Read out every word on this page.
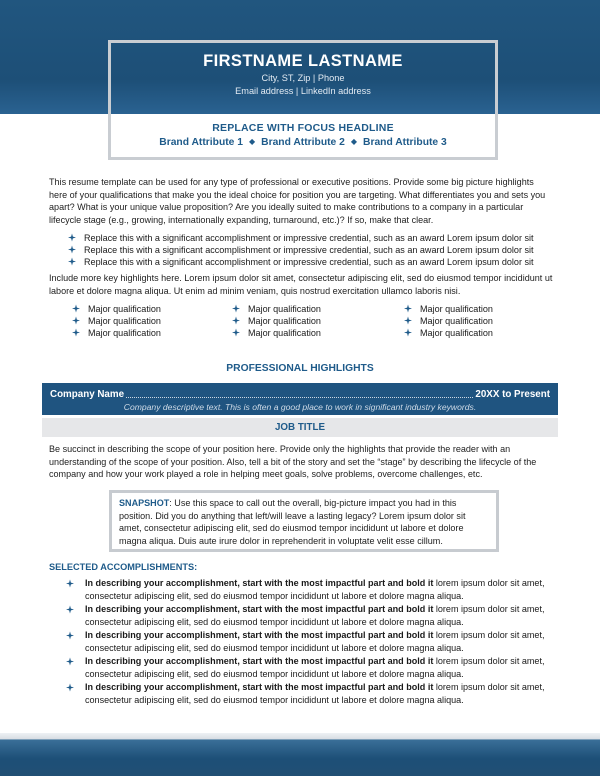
FIRSTNAME LASTNAME
City, ST, Zip | Phone
Email address | LinkedIn address
REPLACE WITH FOCUS HEADLINE
Brand Attribute 1 ◆ Brand Attribute 2 ◆ Brand Attribute 3
This resume template can be used for any type of professional or executive positions. Provide some big picture highlights here of your qualifications that make you the ideal choice for position you are targeting. What differentiates you and sets you apart? What is your unique value proposition? Are you ideally suited to make contributions to a company in a particular lifecycle stage (e.g., growing, internationally expanding, turnaround, etc.)? If so, make that clear.
Replace this with a significant accomplishment or impressive credential, such as an award Lorem ipsum dolor sit
Replace this with a significant accomplishment or impressive credential, such as an award Lorem ipsum dolor sit
Replace this with a significant accomplishment or impressive credential, such as an award Lorem ipsum dolor sit
Include more key highlights here. Lorem ipsum dolor sit amet, consectetur adipiscing elit, sed do eiusmod tempor incididunt ut labore et dolore magna aliqua. Ut enim ad minim veniam, quis nostrud exercitation ullamco laboris nisi.
Major qualification
Major qualification
Major qualification
Major qualification
Major qualification
Major qualification
Major qualification
Major qualification
Major qualification
PROFESSIONAL HIGHLIGHTS
Company Name	20XX to Present
Company descriptive text. This is often a good place to work in significant industry keywords.
JOB TITLE
Be succinct in describing the scope of your position here. Provide only the highlights that provide the reader with an understanding of the scope of your position. Also, tell a bit of the story and set the “stage” by describing the lifecycle of the company and how your work played a role in helping meet goals, solve problems, overcome challenges, etc.
SNAPSHOT: Use this space to call out the overall, big-picture impact you had in this position. Did you do anything that left/will leave a lasting legacy? Lorem ipsum dolor sit amet, consectetur adipiscing elit, sed do eiusmod tempor incididunt ut labore et dolore magna aliqua. Duis aute irure dolor in reprehenderit in voluptate velit esse cillum.
SELECTED ACCOMPLISHMENTS:
In describing your accomplishment, start with the most impactful part and bold it lorem ipsum dolor sit amet, consectetur adipiscing elit, sed do eiusmod tempor incididunt ut labore et dolore magna aliqua.
In describing your accomplishment, start with the most impactful part and bold it lorem ipsum dolor sit amet, consectetur adipiscing elit, sed do eiusmod tempor incididunt ut labore et dolore magna aliqua.
In describing your accomplishment, start with the most impactful part and bold it lorem ipsum dolor sit amet, consectetur adipiscing elit, sed do eiusmod tempor incididunt ut labore et dolore magna aliqua.
In describing your accomplishment, start with the most impactful part and bold it lorem ipsum dolor sit amet, consectetur adipiscing elit, sed do eiusmod tempor incididunt ut labore et dolore magna aliqua.
In describing your accomplishment, start with the most impactful part and bold it lorem ipsum dolor sit amet, consectetur adipiscing elit, sed do eiusmod tempor incididunt ut labore et dolore magna aliqua.
